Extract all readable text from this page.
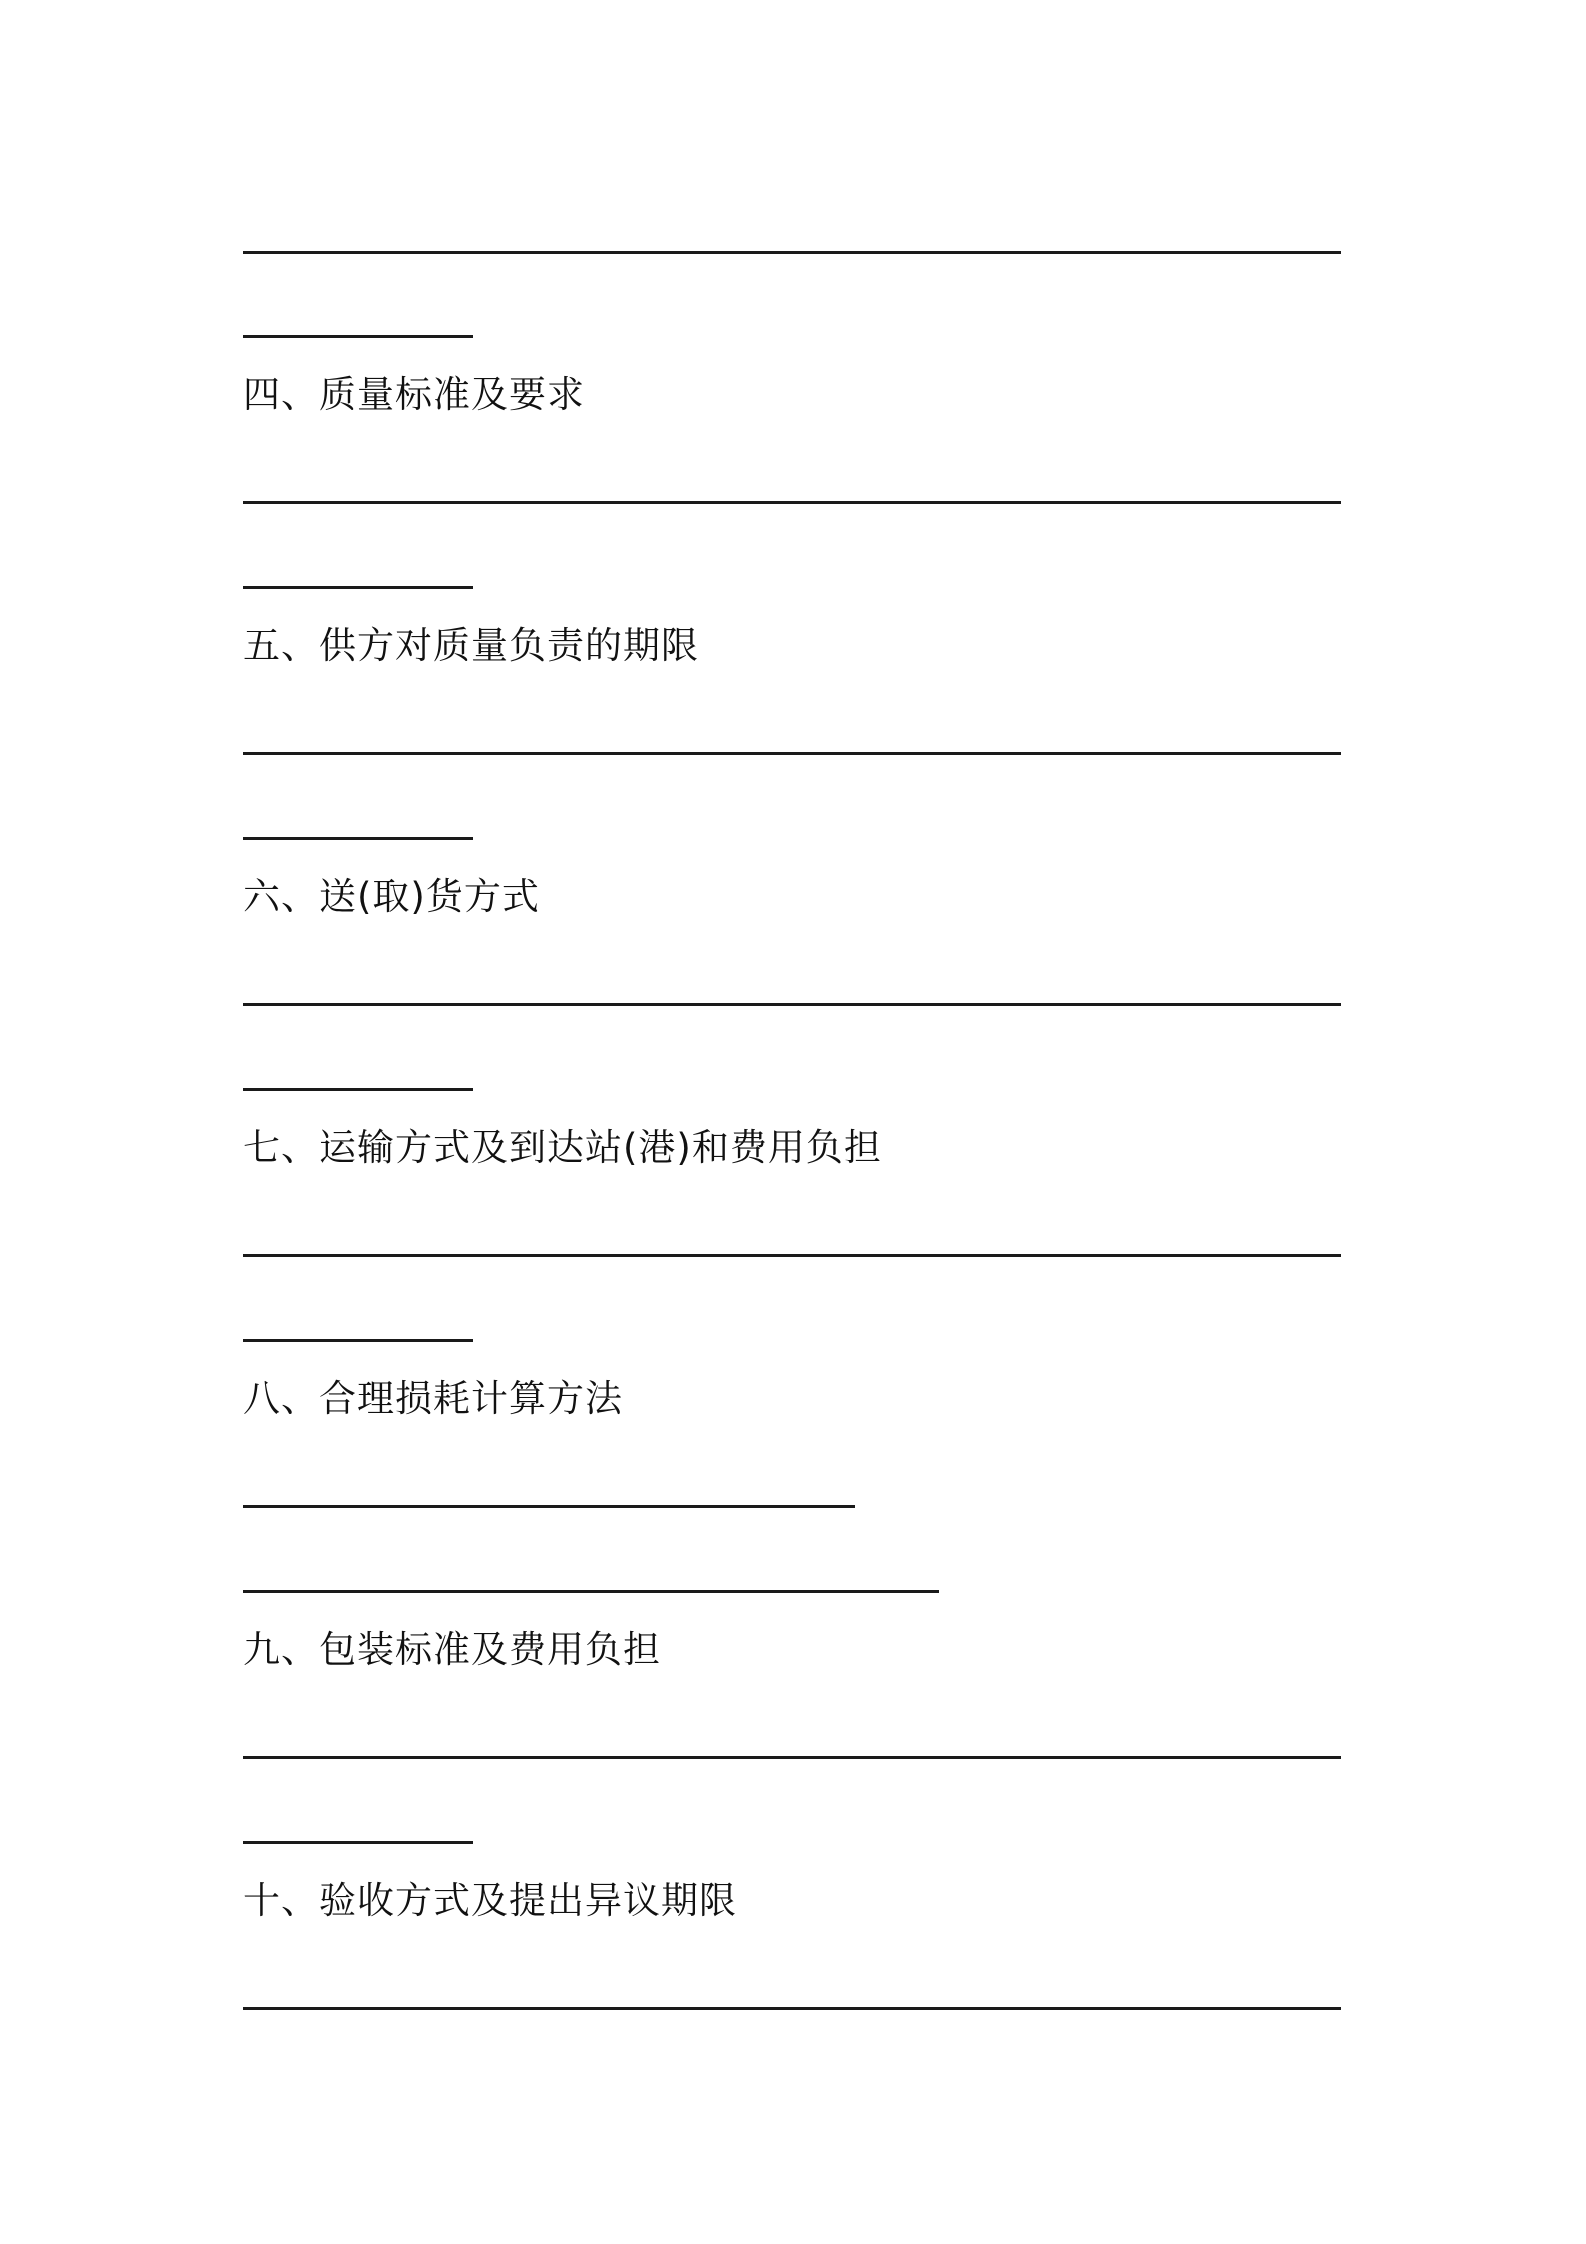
四、质量标准及要求
五、供方对质量负责的期限
六、送(取)货方式
七、运输方式及到达站(港)和费用负担
八、合理损耗计算方法
九、包装标准及费用负担
十、验收方式及提出异议期限
